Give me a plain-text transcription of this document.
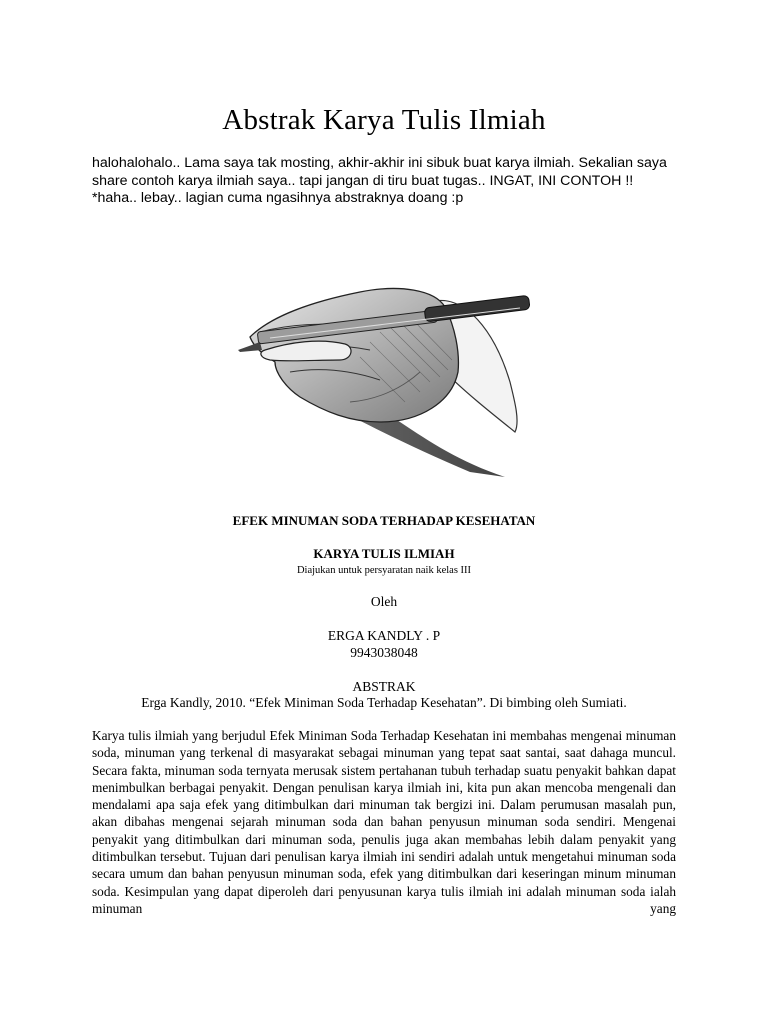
Abstrak Karya Tulis Ilmiah

halohalohalo.. Lama saya tak mosting, akhir-akhir ini sibuk buat karya ilmiah. Sekalian saya share contoh karya ilmiah saya.. tapi jangan di tiru buat tugas.. INGAT, INI CONTOH !!

*haha.. lebay.. lagian cuma ngasihnya abstraknya doang :p

EFEK MINUMAN SODA TERHADAP KESEHATAN
KARYA TULIS ILMIAH
Diajukan untuk persyaratan naik kelas III
Oleh
ERGA KANDLY . P
9943038048
ABSTRAK
Erga Kandly, 2010. “Efek Miniman Soda Terhadap Kesehatan”. Di bimbing oleh Sumiati.

Karya tulis ilmiah yang berjudul Efek Miniman Soda Terhadap Kesehatan ini membahas mengenai minuman soda, minuman yang terkenal di masyarakat sebagai minuman yang tepat saat santai, saat dahaga muncul. Secara fakta, minuman soda ternyata merusak sistem pertahanan tubuh terhadap suatu penyakit bahkan dapat menimbulkan berbagai penyakit. Dengan penulisan karya ilmiah ini, kita pun akan mencoba mengenali dan mendalami apa saja efek yang ditimbulkan dari minuman tak bergizi ini. Dalam perumusan masalah pun, akan dibahas mengenai sejarah minuman soda dan bahan penyusun minuman soda sendiri. Mengenai penyakit yang ditimbulkan dari minuman soda, penulis juga akan membahas lebih dalam penyakit yang ditimbulkan tersebut. Tujuan dari penulisan karya ilmiah ini sendiri adalah untuk mengetahui minuman soda secara umum dan bahan penyusun minuman soda, efek yang ditimbulkan dari keseringan minum minuman soda. Kesimpulan yang dapat diperoleh dari penyusunan karya tulis ilmiah ini adalah minuman soda ialah minuman yang
